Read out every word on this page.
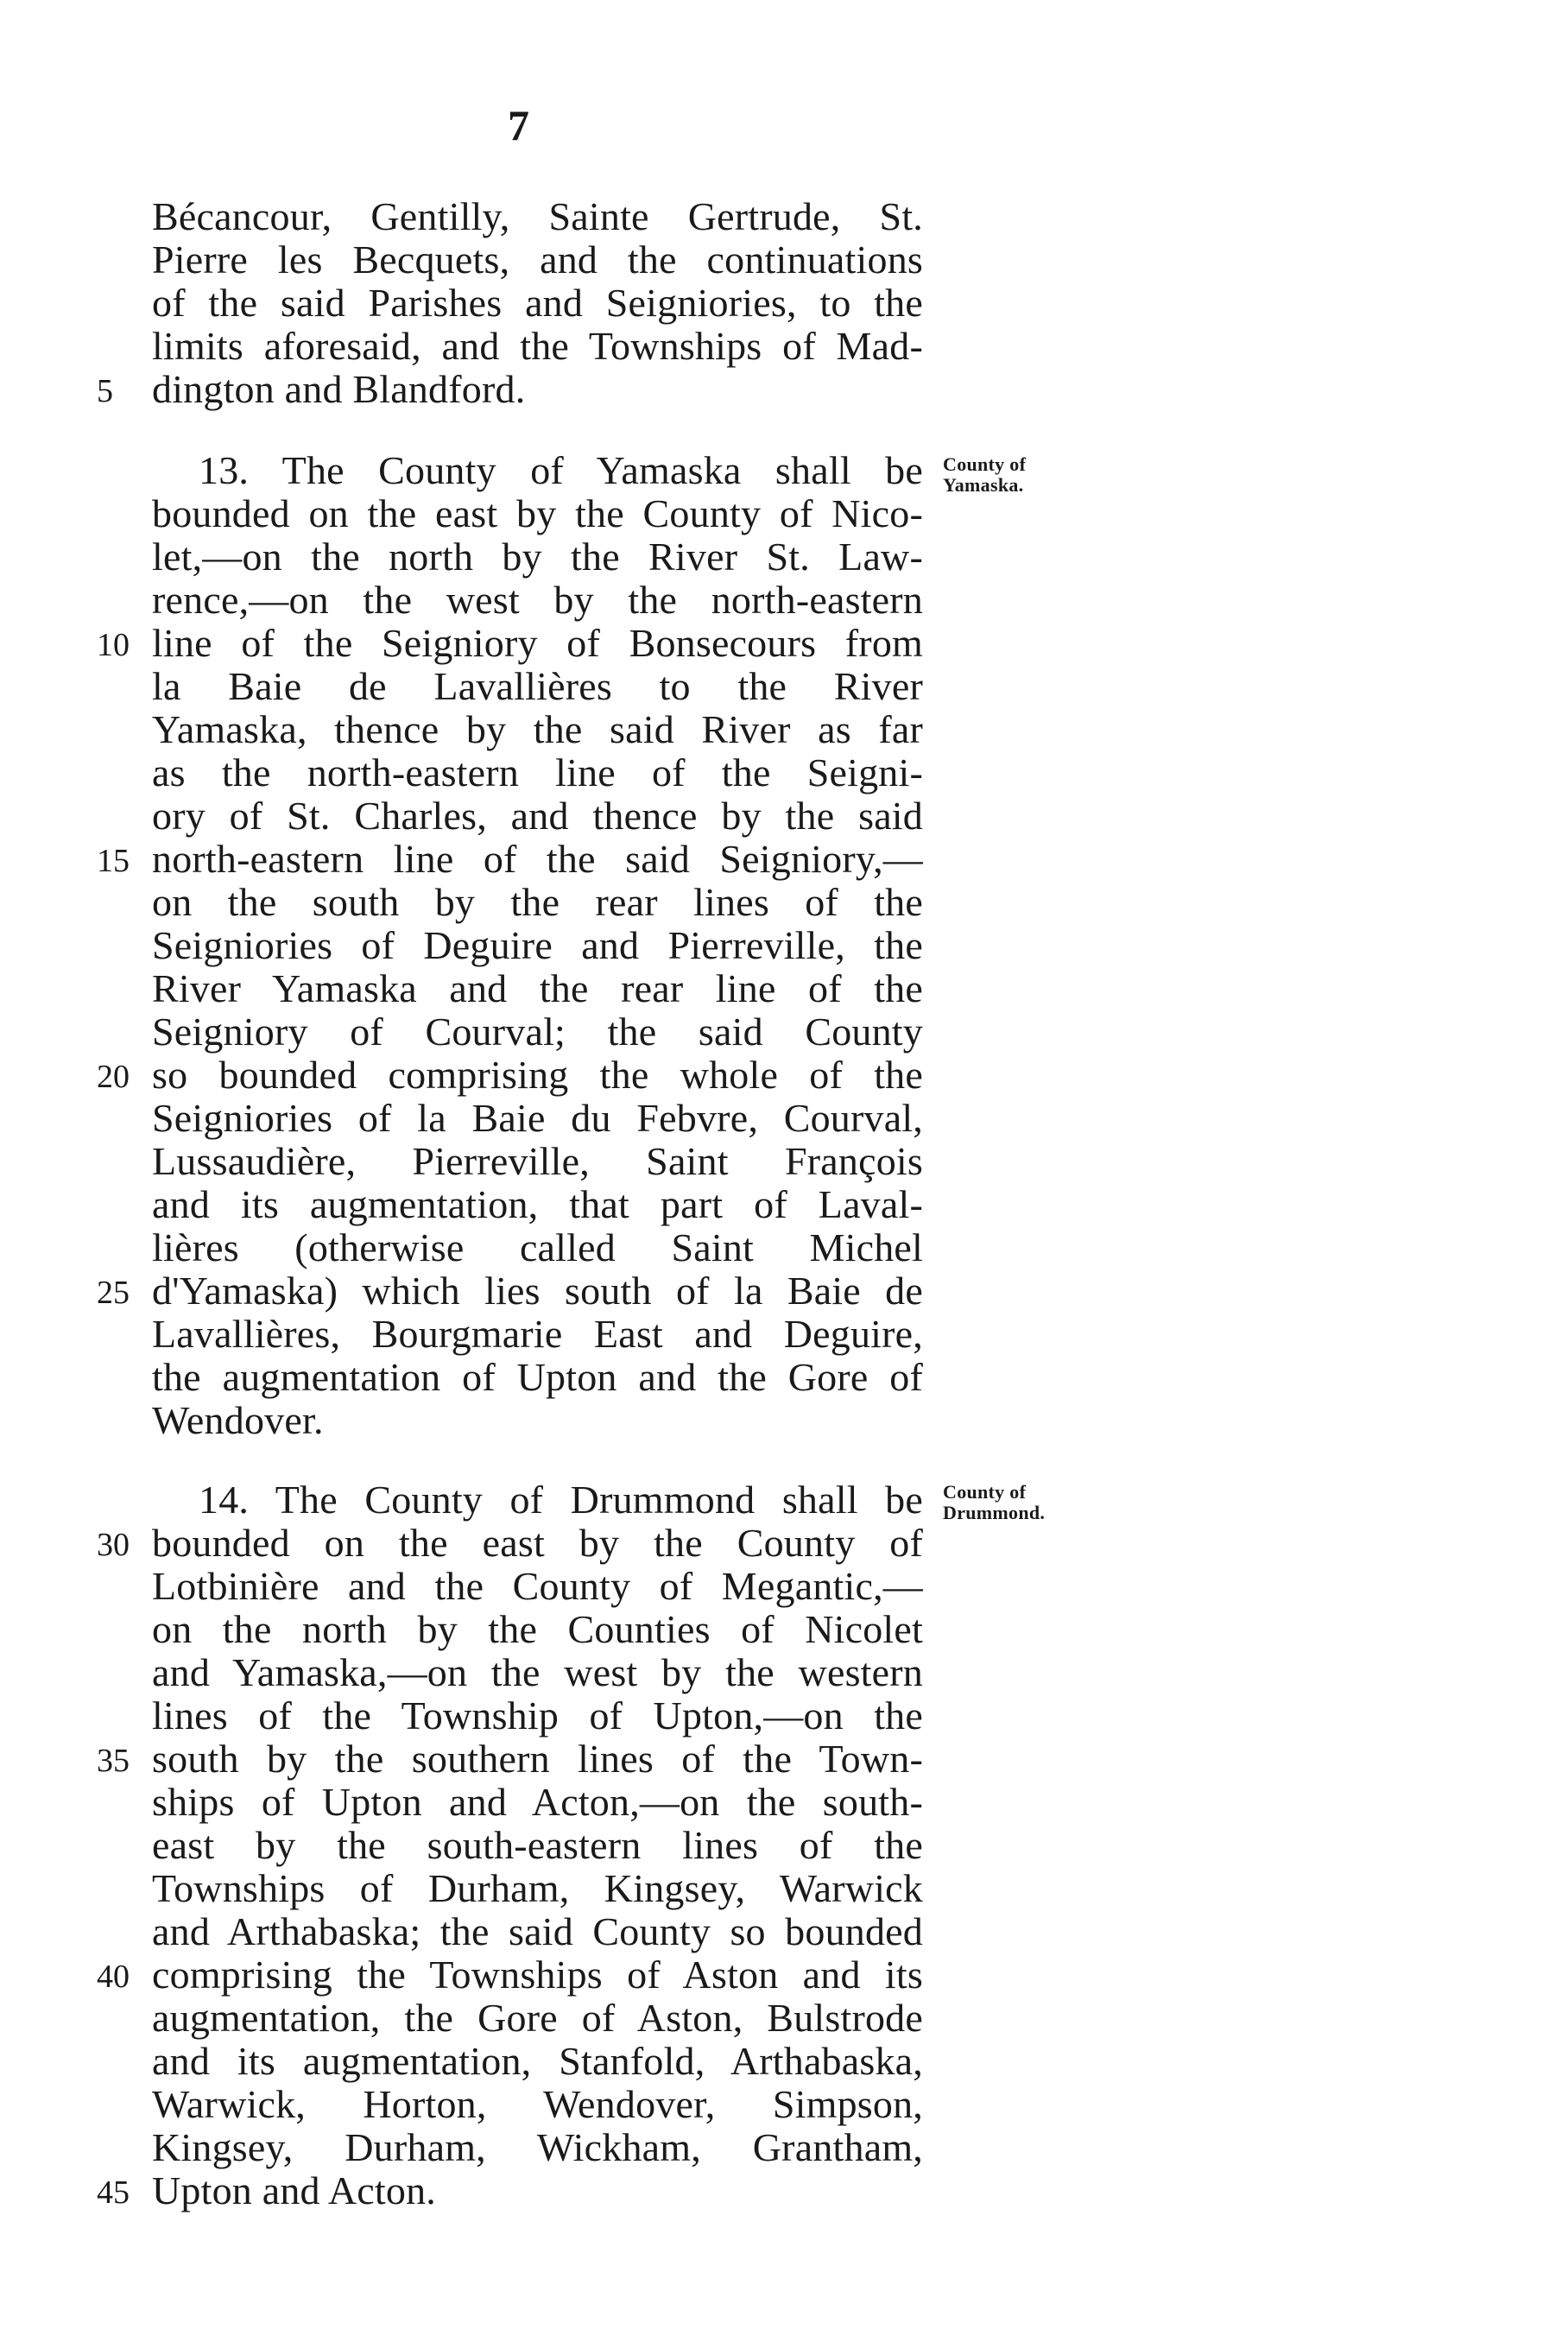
7
Bécancour, Gentilly, Sainte Gertrude, St.
Pierre les Becquets, and the continuations
of the said Parishes and Seigniories, to the
limits aforesaid, and the Townships of Mad-
dington and Blandford.
5
County of
Yamaska.
13. The County of Yamaska shall be
bounded on the east by the County of Nico-
let,—on the north by the River St. Law-
rence,—on the west by the north-eastern
line of the Seigniory of Bonsecours from
10
la Baie de Lavallières to the River
Yamaska, thence by the said River as far
as the north-eastern line of the Seigni-
ory of St. Charles, and thence by the said
north-eastern line of the said Seigniory,—
15
on the south by the rear lines of the
Seigniories of Deguire and Pierreville, the
River Yamaska and the rear line of the
Seigniory of Courval; the said County
so bounded comprising the whole of the
20
Seigniories of la Baie du Febvre, Courval,
Lussaudière, Pierreville, Saint François
and its augmentation, that part of Laval-
lières (otherwise called Saint Michel
d'Yamaska) which lies south of la Baie de
25
Lavallières, Bourgmarie East and Deguire,
the augmentation of Upton and the Gore of
Wendover.
County of
Drummond.
14. The County of Drummond shall be
bounded on the east by the County of
30
Lotbinière and the County of Megantic,—
on the north by the Counties of Nicolet
and Yamaska,—on the west by the western
lines of the Township of Upton,—on the
south by the southern lines of the Town-
35
ships of Upton and Acton,—on the south-
east by the south-eastern lines of the
Townships of Durham, Kingsey, Warwick
and Arthabaska; the said County so bounded
comprising the Townships of Aston and its
40
augmentation, the Gore of Aston, Bulstrode
and its augmentation, Stanfold, Arthabaska,
Warwick, Horton, Wendover, Simpson,
Kingsey, Durham, Wickham, Grantham,
Upton and Acton.
45
